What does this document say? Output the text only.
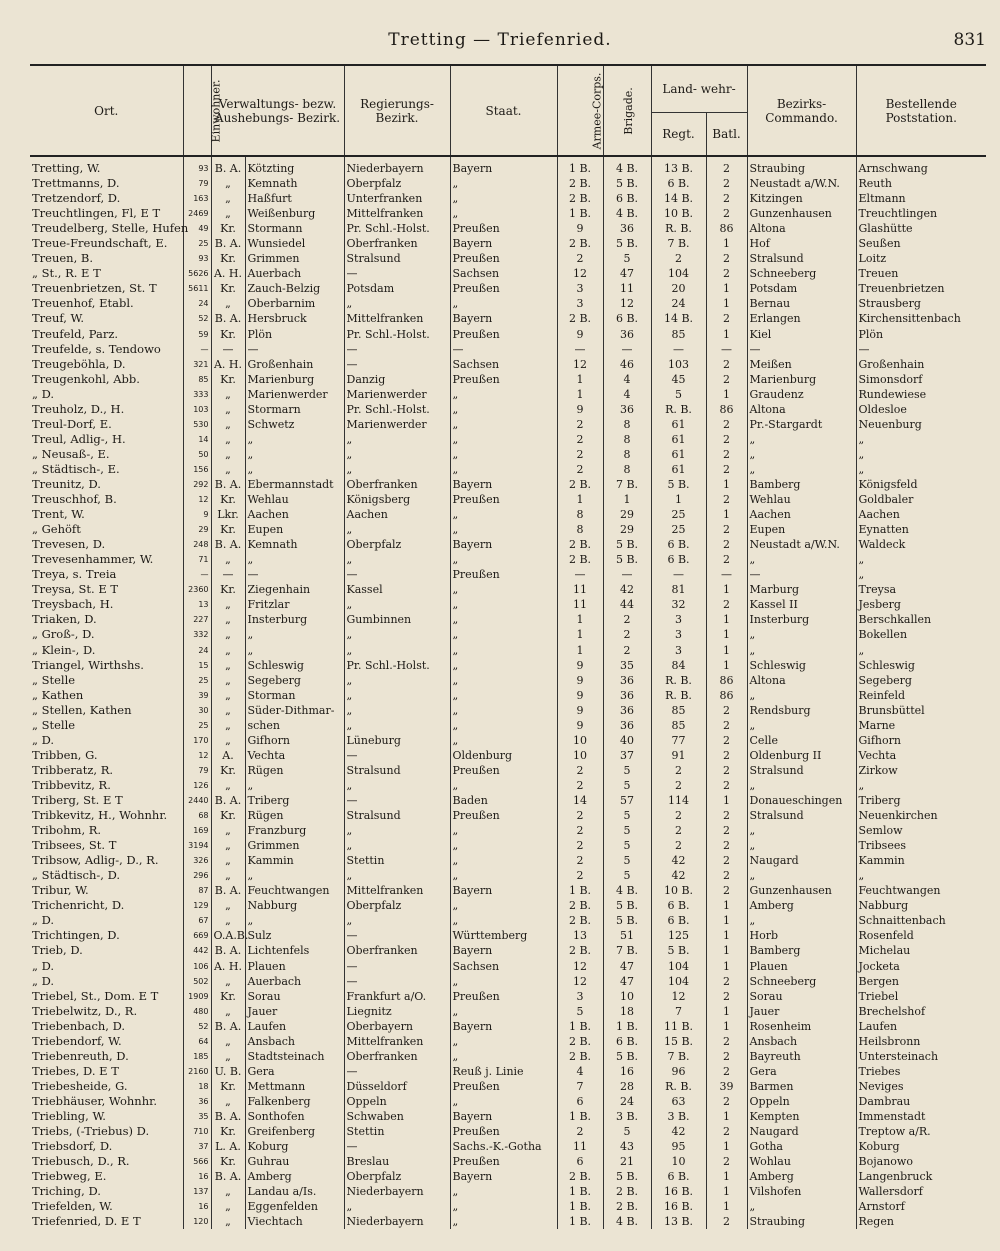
Tretting — Triefenried.	831
Ort.	Einwohner.	Verwaltungs- bezw. Aushebungs- Bezirk.		Regierungs- Bezirk.	Staat.	Armee-Corps.	Brigade.	Land- wehr-		Bezirks- Commando.	Bestellende Poststation.
								Regt.	Batl.		
Tretting, W.	93	B. A.	Kötzting	Niederbayern	Bayern	1 B.	4 B.	13 B.	2	Straubing	Arnschwang
Trettmanns, D.	79	„	Kemnath	Oberpfalz	„	2 B.	5 B.	6 B.	2	Neustadt a/W.N.	Reuth
Tretzendorf, D.	163	„	Haßfurt	Unterfranken	„	2 B.	6 B.	14 B.	2	Kitzingen	Eltmann
Treuchtlingen, Fl, E T	2469	„	Weißenburg	Mittelfranken	„	1 B.	4 B.	10 B.	2	Gunzenhausen	Treuchtlingen
Treudelberg, Stelle, Hufen	49	Kr.	Stormann	Pr. Schl.-Holst.	Preußen	9	36	R. B.	86	Altona	Glashütte
Treue-Freundschaft, E.	25	B. A.	Wunsiedel	Oberfranken	Bayern	2 B.	5 B.	7 B.	1	Hof	Seußen
Treuen, B.	93	Kr.	Grimmen	Stralsund	Preußen	2	5	2	2	Stralsund	Loitz
„ St., R. E T	5626	A. H.	Auerbach	—	Sachsen	12	47	104	2	Schneeberg	Treuen
Treuenbrietzen, St. T	5611	Kr.	Zauch-Belzig	Potsdam	Preußen	3	11	20	1	Potsdam	Treuenbrietzen
Treuenhof, Etabl.	24	„	Oberbarnim	„	„	3	12	24	1	Bernau	Strausberg
Treuf, W.	52	B. A.	Hersbruck	Mittelfranken	Bayern	2 B.	6 B.	14 B.	2	Erlangen	Kirchensittenbach
Treufeld, Parz.	59	Kr.	Plön	Pr. Schl.-Holst.	Preußen	9	36	85	1	Kiel	Plön
Treufelde, s. Tendowo	—	—	—	—	—	—	—	—	—	—	—
Treugeböhla, D.	321	A. H.	Großenhain	—	Sachsen	12	46	103	2	Meißen	Großenhain
Treugenkohl, Abb.	85	Kr.	Marienburg	Danzig	Preußen	1	4	45	2	Marienburg	Simonsdorf
„ D.	333	„	Marienwerder	Marienwerder	„	1	4	5	1	Graudenz	Rundewiese
Treuholz, D., H.	103	„	Stormarn	Pr. Schl.-Holst.	„	9	36	R. B.	86	Altona	Oldesloe
Treul-Dorf, E.	530	„	Schwetz	Marienwerder	„	2	8	61	2	Pr.-Stargardt	Neuenburg
Treul, Adlig-, H.	14	„	„	„	„	2	8	61	2	„	„
„ Neusaß-, E.	50	„	„	„	„	2	8	61	2	„	„
„ Städtisch-, E.	156	„	„	„	„	2	8	61	2	„	„
Treunitz, D.	292	B. A.	Ebermannstadt	Oberfranken	Bayern	2 B.	7 B.	5 B.	1	Bamberg	Königsfeld
Treuschhof, B.	12	Kr.	Wehlau	Königsberg	Preußen	1	1	1	2	Wehlau	Goldbaler
Trent, W.	9	Lkr.	Aachen	Aachen	„	8	29	25	1	Aachen	Aachen
„ Gehöft	29	Kr.	Eupen	„	„	8	29	25	2	Eupen	Eynatten
Trevesen, D.	248	B. A.	Kemnath	Oberpfalz	Bayern	2 B.	5 B.	6 B.	2	Neustadt a/W.N.	Waldeck
Trevesenhammer, W.	71	„	„	„	„	2 B.	5 B.	6 B.	2	„	„
Treya, s. Treia	—	—	—	—	Preußen	—	—	—	—	—	„
Treysa, St. E T	2360	Kr.	Ziegenhain	Kassel	„	11	42	81	1	Marburg	Treysa
Treysbach, H.	13	„	Fritzlar	„	„	11	44	32	2	Kassel II	Jesberg
Triaken, D.	227	„	Insterburg	Gumbinnen	„	1	2	3	1	Insterburg	Berschkallen
„ Groß-, D.	332	„	„	„	„	1	2	3	1	„	Bokellen
„ Klein-, D.	24	„	„	„	„	1	2	3	1	„	„
Triangel, Wirthshs.	15	„	Schleswig	Pr. Schl.-Holst.	„	9	35	84	1	Schleswig	Schleswig
„ Stelle	25	„	Segeberg	„	„	9	36	R. B.	86	Altona	Segeberg
„ Kathen	39	„	Storman	„	„	9	36	R. B.	86	„	Reinfeld
„ Stellen, Kathen	30	„	Süder-Dithmar-	„	„	9	36	85	2	Rendsburg	Brunsbüttel
„ Stelle	25	„	schen	„	„	9	36	85	2	„	Marne
„ D.	170	„	Gifhorn	Lüneburg	„	10	40	77	2	Celle	Gifhorn
Tribben, G.	12	A.	Vechta	—	Oldenburg	10	37	91	2	Oldenburg II	Vechta
Tribberatz, R.	79	Kr.	Rügen	Stralsund	Preußen	2	5	2	2	Stralsund	Zirkow
Tribbevitz, R.	126	„	„	„	„	2	5	2	2	„	„
Triberg, St. E T	2440	B. A.	Triberg	—	Baden	14	57	114	1	Donaueschingen	Triberg
Tribkevitz, H., Wohnhr.	68	Kr.	Rügen	Stralsund	Preußen	2	5	2	2	Stralsund	Neuenkirchen
Tribohm, R.	169	„	Franzburg	„	„	2	5	2	2	„	Semlow
Tribsees, St. T	3194	„	Grimmen	„	„	2	5	2	2	„	Tribsees
Tribsow, Adlig-, D., R.	326	„	Kammin	Stettin	„	2	5	42	2	Naugard	Kammin
„ Städtisch-, D.	296	„	„	„	„	2	5	42	2	„	„
Tribur, W.	87	B. A.	Feuchtwangen	Mittelfranken	Bayern	1 B.	4 B.	10 B.	2	Gunzenhausen	Feuchtwangen
Trichenricht, D.	129	„	Nabburg	Oberpfalz	„	2 B.	5 B.	6 B.	1	Amberg	Nabburg
„ D.	67	„	„	„	„	2 B.	5 B.	6 B.	1	„	Schnaittenbach
Trichtingen, D.	669	O.A.B.	Sulz	—	Württemberg	13	51	125	1	Horb	Rosenfeld
Trieb, D.	442	B. A.	Lichtenfels	Oberfranken	Bayern	2 B.	7 B.	5 B.	1	Bamberg	Michelau
„ D.	106	A. H.	Plauen	—	Sachsen	12	47	104	1	Plauen	Jocketa
„ D.	502	„	Auerbach	—	„	12	47	104	2	Schneeberg	Bergen
Triebel, St., Dom. E T	1909	Kr.	Sorau	Frankfurt a/O.	Preußen	3	10	12	2	Sorau	Triebel
Triebelwitz, D., R.	480	„	Jauer	Liegnitz	„	5	18	7	1	Jauer	Brechelshof
Triebenbach, D.	52	B. A.	Laufen	Oberbayern	Bayern	1 B.	1 B.	11 B.	1	Rosenheim	Laufen
Triebendorf, W.	64	„	Ansbach	Mittelfranken	„	2 B.	6 B.	15 B.	2	Ansbach	Heilsbronn
Triebenreuth, D.	185	„	Stadtsteinach	Oberfranken	„	2 B.	5 B.	7 B.	2	Bayreuth	Untersteinach
Triebes, D. E T	2160	U. B.	Gera	—	Reuß j. Linie	4	16	96	2	Gera	Triebes
Triebesheide, G.	18	Kr.	Mettmann	Düsseldorf	Preußen	7	28	R. B.	39	Barmen	Neviges
Triebhäuser, Wohnhr.	36	„	Falkenberg	Oppeln	„	6	24	63	2	Oppeln	Dambrau
Triebling, W.	35	B. A.	Sonthofen	Schwaben	Bayern	1 B.	3 B.	3 B.	1	Kempten	Immenstadt
Triebs, (-Triebus) D.	710	Kr.	Greifenberg	Stettin	Preußen	2	5	42	2	Naugard	Treptow a/R.
Triebsdorf, D.	37	L. A.	Koburg	—	Sachs.-K.-Gotha	11	43	95	1	Gotha	Koburg
Triebusch, D., R.	566	Kr.	Guhrau	Breslau	Preußen	6	21	10	2	Wohlau	Bojanowo
Triebweg, E.	16	B. A.	Amberg	Oberpfalz	Bayern	2 B.	5 B.	6 B.	1	Amberg	Langenbruck
Triching, D.	137	„	Landau a/Is.	Niederbayern	„	1 B.	2 B.	16 B.	1	Vilshofen	Wallersdorf
Triefelden, W.	16	„	Eggenfelden	„	„	1 B.	2 B.	16 B.	1	„	Arnstorf
Triefenried, D. E T	120	„	Viechtach	Niederbayern	„	1 B.	4 B.	13 B.	2	Straubing	Regen
